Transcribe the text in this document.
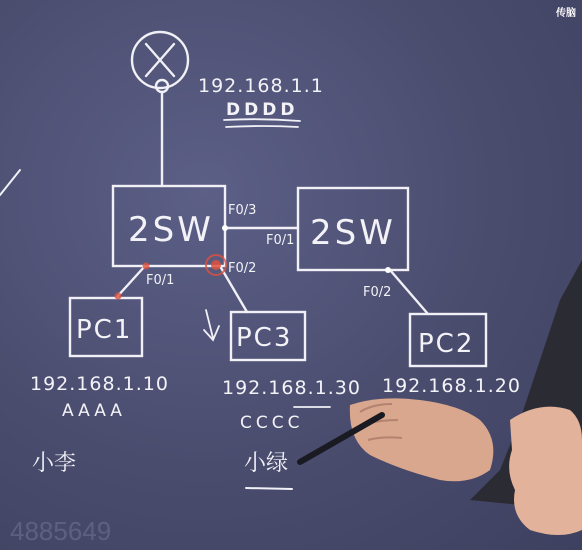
192.168.1.1
DDDD
2SW	2SW
F0/3
F0/1
F0/2
F0/1
F0/2
PC1	PC3	PC2
192.168.1.10
AAAA
小李
192.168.1.30
CCCC
小绿
192.168.1.20
4885649
传脑
